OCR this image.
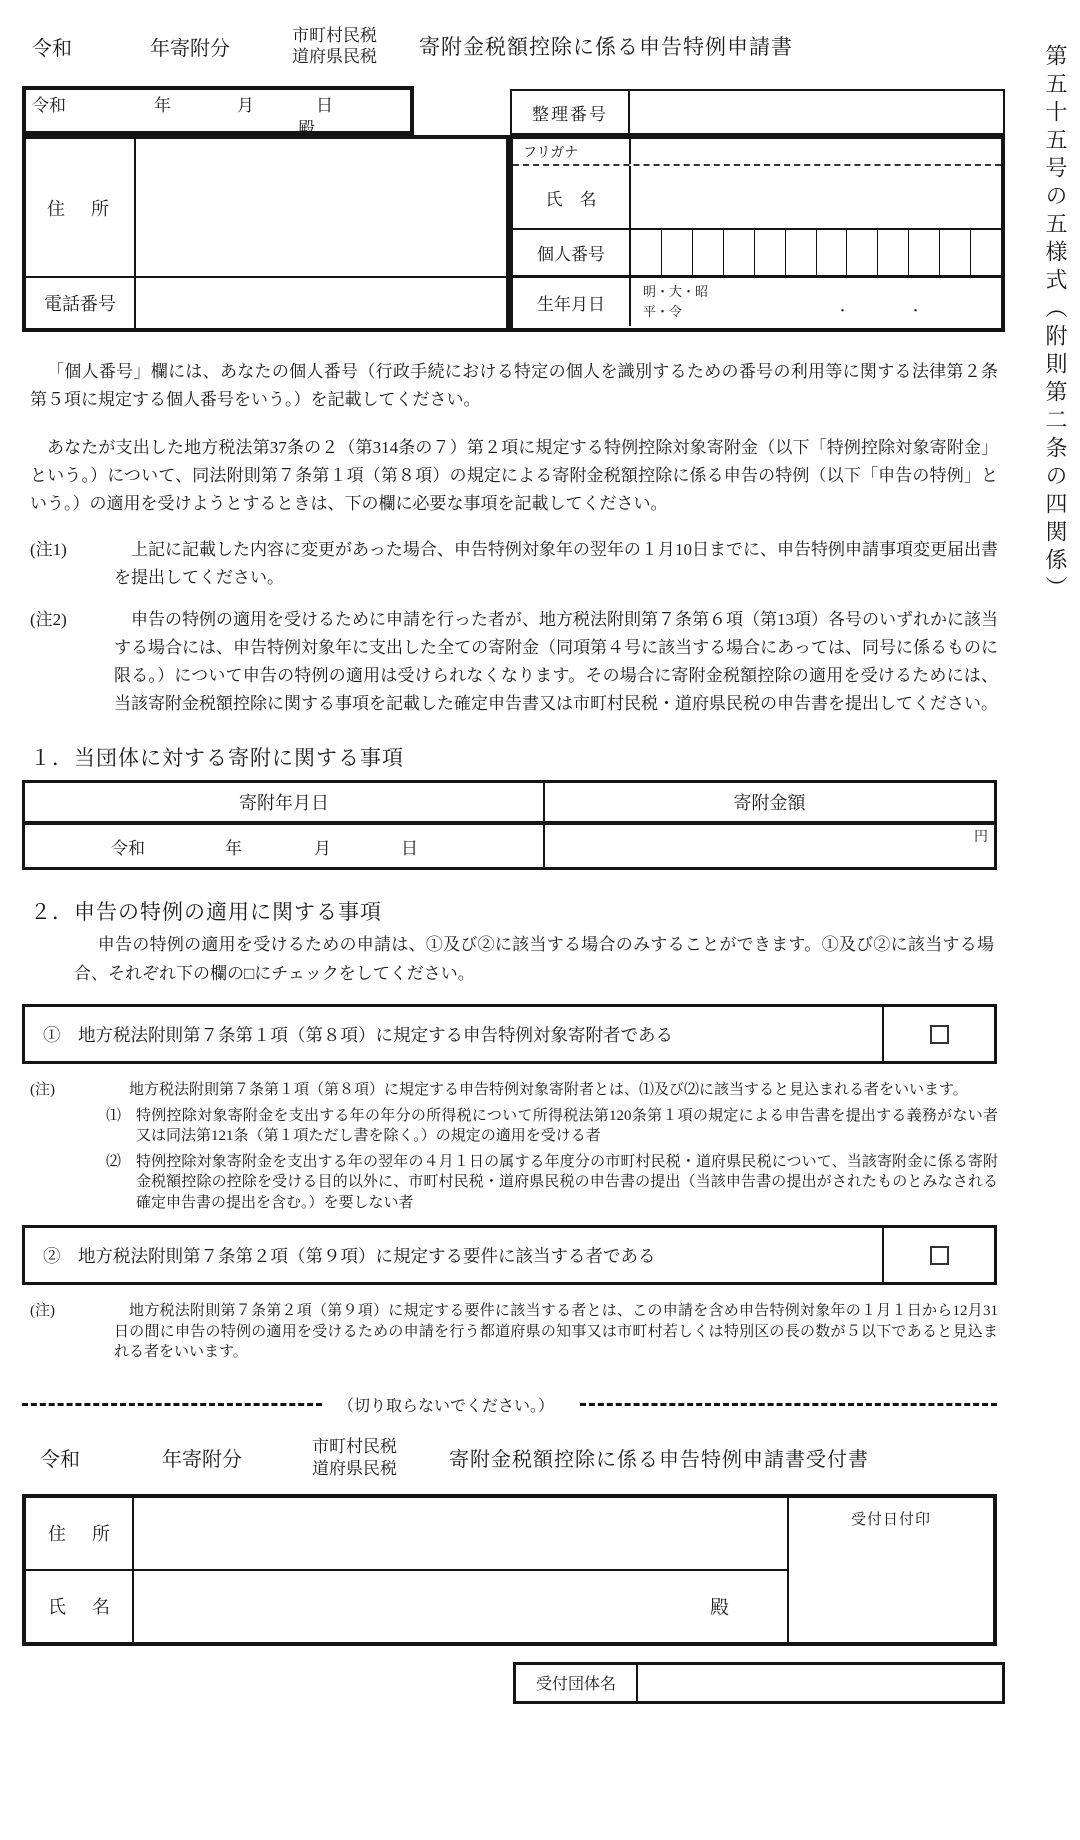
第五十五号の五様式（附則第二条の四関係）
令和	年寄附分
市町村民税
道府県民税 寄附金税額控除に係る申告特例申請書
令和	年	月	日
殿
整理番号
住　所
電話番号
フリガナ
氏　名
個人番号
生年月日
明・大・昭
平・令	・	・
「個人番号」欄には、あなたの個人番号（行政手続における特定の個人を識別するための番号の利用等に関する法律第２条第５項に規定する個人番号をいう。）を記載してください。
あなたが支出した地方税法第37条の２（第314条の７）第２項に規定する特例控除対象寄附金（以下「特例控除対象寄附金」という。）について、同法附則第７条第１項（第８項）の規定による寄附金税額控除に係る申告の特例（以下「申告の特例」という。）の適用を受けようとするときは、下の欄に必要な事項を記載してください。
(注1)	上記に記載した内容に変更があった場合、申告特例対象年の翌年の１月10日までに、申告特例申請事項変更届出書を提出してください。
(注2)	申告の特例の適用を受けるために申請を行った者が、地方税法附則第７条第６項（第13項）各号のいずれかに該当する場合には、申告特例対象年に支出した全ての寄附金（同項第４号に該当する場合にあっては、同号に係るものに限る。）について申告の特例の適用は受けられなくなります。その場合に寄附金税額控除の適用を受けるためには、当該寄附金税額控除に関する事項を記載した確定申告書又は市町村民税・道府県民税の申告書を提出してください。
１．当団体に対する寄附に関する事項
寄附年月日	寄附金額
令和	年	月	日
円
２．申告の特例の適用に関する事項
申告の特例の適用を受けるための申請は、①及び②に該当する場合のみすることができます。①及び②に該当する場合、それぞれ下の欄の□にチェックをしてください。
①　地方税法附則第７条第１項（第８項）に規定する申告特例対象寄附者である
(注)	地方税法附則第７条第１項（第８項）に規定する申告特例対象寄附者とは、⑴及び⑵に該当すると見込まれる者をいいます。
⑴ 特例控除対象寄附金を支出する年の年分の所得税について所得税法第120条第１項の規定による申告書を提出する義務がない者又は同法第121条（第１項ただし書を除く。）の規定の適用を受ける者
⑵ 特例控除対象寄附金を支出する年の翌年の４月１日の属する年度分の市町村民税・道府県民税について、当該寄附金に係る寄附金税額控除の控除を受ける目的以外に、市町村民税・道府県民税の申告書の提出（当該申告書の提出がされたものとみなされる確定申告書の提出を含む。）を要しない者
②　地方税法附則第７条第２項（第９項）に規定する要件に該当する者である
(注)	地方税法附則第７条第２項（第９項）に規定する要件に該当する者とは、この申請を含め申告特例対象年の１月１日から12月31日の間に申告の特例の適用を受けるための申請を行う都道府県の知事又は市町村若しくは特別区の長の数が５以下であると見込まれる者をいいます。
（切り取らないでください。）
令和	年寄附分
市町村民税
道府県民税	寄附金税額控除に係る申告特例申請書受付書
住 所
氏 名	殿
受付日付印
受付団体名
